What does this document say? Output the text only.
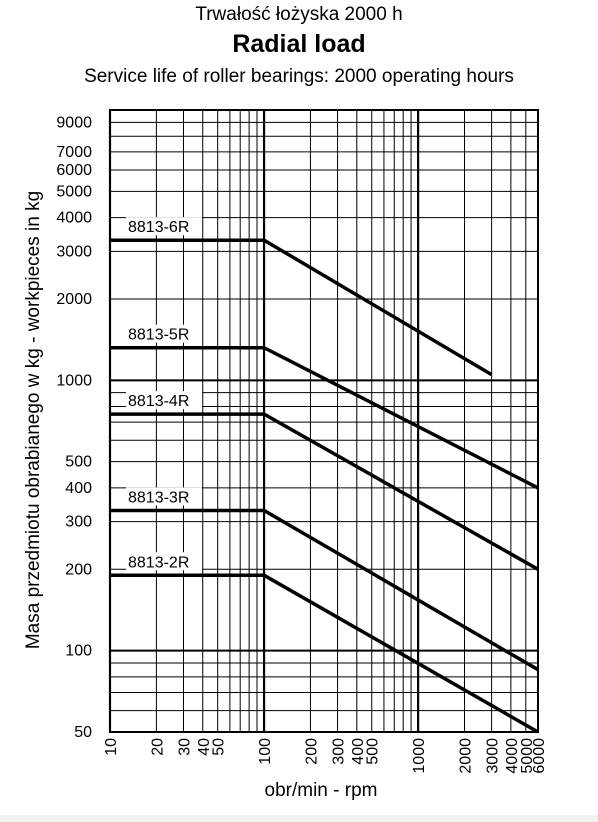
Trwałość łożyska 2000 h
Radial load
Service life of roller bearings: 2000 operating hours
50
100
200
300
400
500
1000
2000
3000
4000
5000
6000
7000
9000
10 20 30 40
50 100 200 300 400
500 1000 2000 3000 4000
5000
6000
8813-6R
8813-5R
8813-4R
8813-3R
8813-2R
Masa przedmiotu obrabianego w kg - workpieces in kg
obr/min - rpm
